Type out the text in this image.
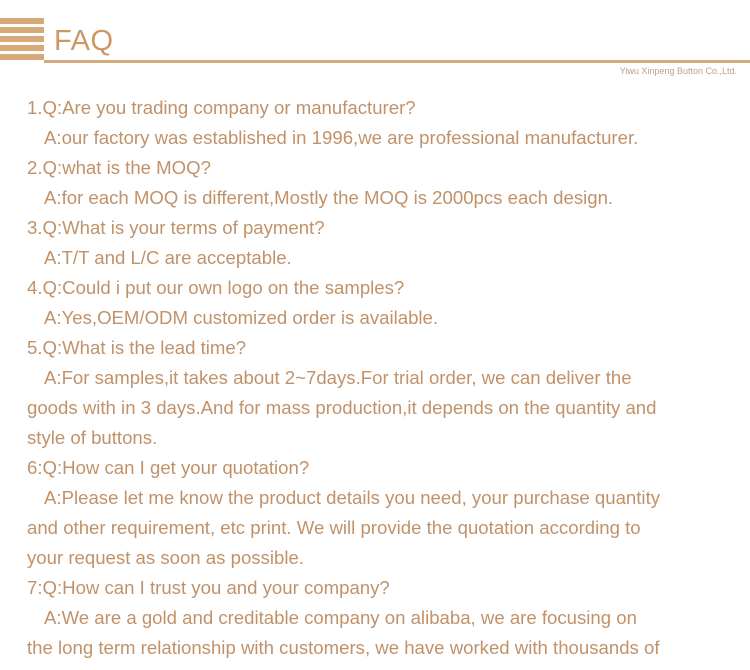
FAQ
Yiwu Xinpeng Button Co.,Ltd.
1.Q:Are you trading company or manufacturer?
A:our factory was established in 1996,we are professional manufacturer.
2.Q:what is the MOQ?
A:for each MOQ is different,Mostly the MOQ is 2000pcs each design.
3.Q:What is your terms of payment?
A:T/T and L/C are acceptable.
4.Q:Could i put our own logo on the samples?
A:Yes,OEM/ODM customized order is available.
5.Q:What is the lead time?
A:For samples,it takes about 2~7days.For trial order, we can deliver the
goods with in 3 days.And for mass production,it depends on the quantity and
style of buttons.
6:Q:How can I get your quotation?
A:Please let me know the product details you need, your purchase quantity
and other requirement, etc print. We will provide the quotation according to
your request as soon as possible.
7:Q:How can I trust you and your company?
A:We are a gold and creditable company on alibaba, we are focusing on
the long term relationship with customers, we have worked with thousands of
